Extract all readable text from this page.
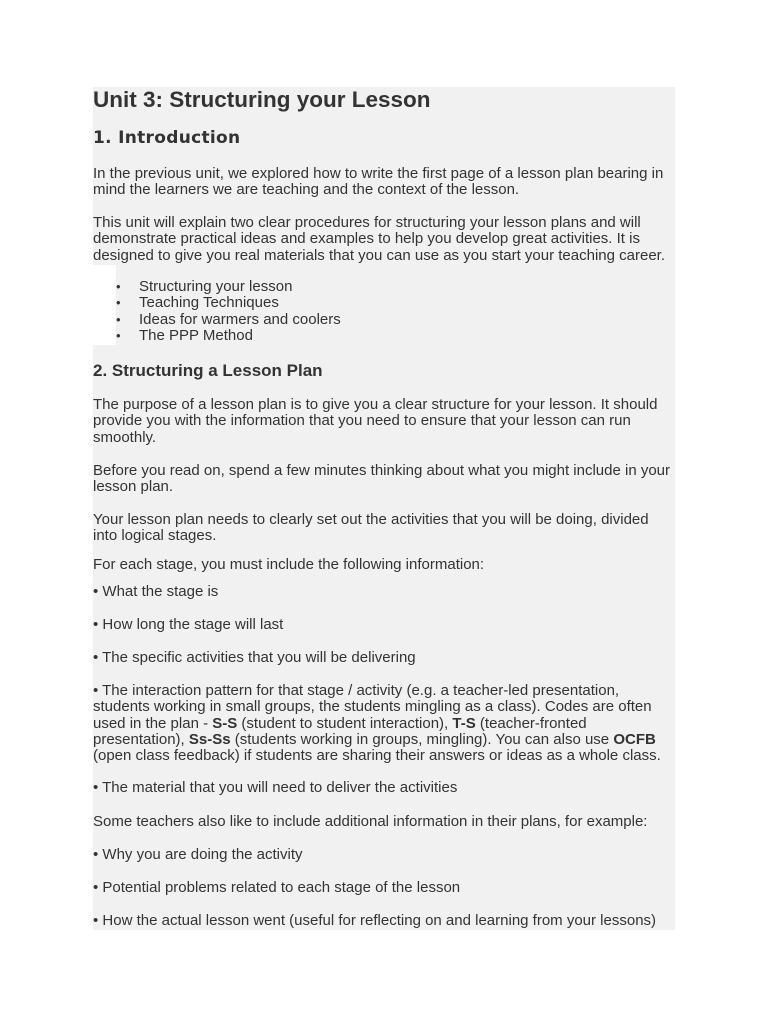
Unit 3: Structuring your Lesson
1. Introduction

In the previous unit, we explored how to write the first page of a lesson plan bearing in mind the learners we are teaching and the context of the lesson.

This unit will explain two clear procedures for structuring your lesson plans and will demonstrate practical ideas and examples to help you develop great activities. It is designed to give you real materials that you can use as you start your teaching career.

• Structuring your lesson
• Teaching Techniques
• Ideas for warmers and coolers
• The PPP Method
2. Structuring a Lesson Plan

The purpose of a lesson plan is to give you a clear structure for your lesson. It should provide you with the information that you need to ensure that your lesson can run smoothly.

Before you read on, spend a few minutes thinking about what you might include in your lesson plan.

Your lesson plan needs to clearly set out the activities that you will be doing, divided into logical stages.

For each stage, you must include the following information:

• What the stage is

• How long the stage will last

• The specific activities that you will be delivering

• The interaction pattern for that stage / activity (e.g. a teacher-led presentation, students working in small groups, the students mingling as a class). Codes are often used in the plan - S-S (student to student interaction), T-S (teacher-fronted presentation), Ss-Ss (students working in groups, mingling). You can also use OCFB (open class feedback) if students are sharing their answers or ideas as a whole class.

• The material that you will need to deliver the activities

Some teachers also like to include additional information in their plans, for example:

• Why you are doing the activity

• Potential problems related to each stage of the lesson

• How the actual lesson went (useful for reflecting on and learning from your lessons)
